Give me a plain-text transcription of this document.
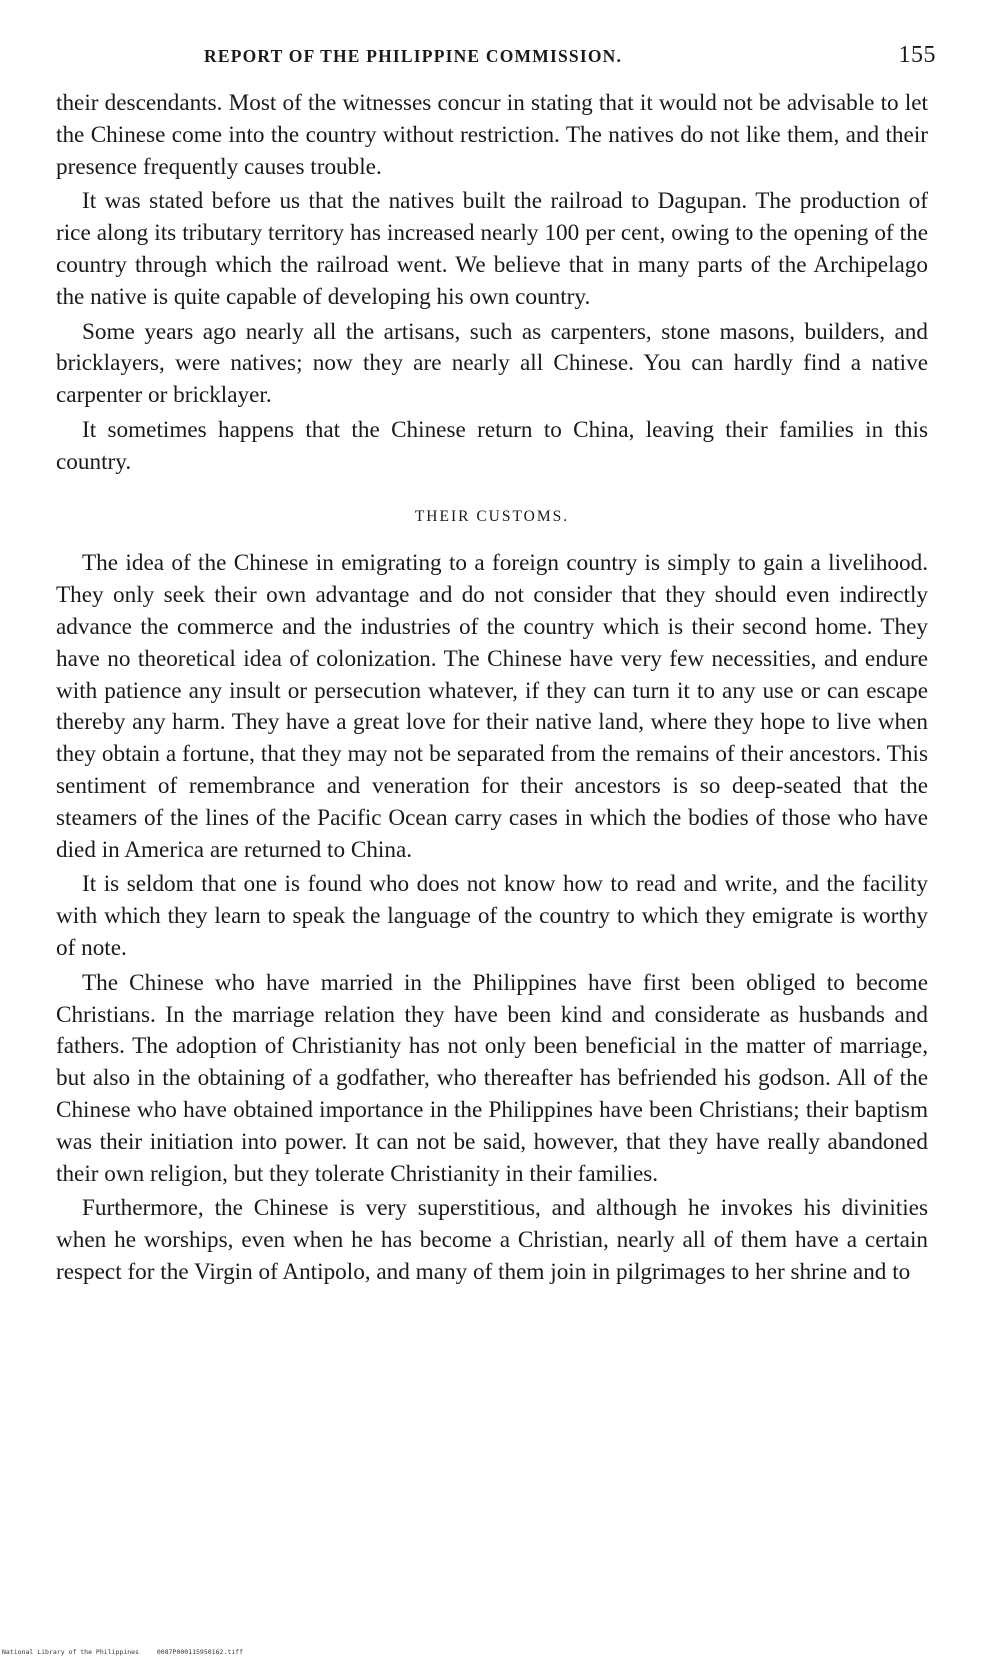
REPORT OF THE PHILIPPINE COMMISSION.	155

their descendants. Most of the witnesses concur in stating that it would not be advisable to let the Chinese come into the country without restriction. The natives do not like them, and their presence frequently causes trouble.

It was stated before us that the natives built the railroad to Dagupan. The production of rice along its tributary territory has increased nearly 100 per cent, owing to the opening of the country through which the railroad went. We believe that in many parts of the Archipelago the native is quite capable of developing his own country.

Some years ago nearly all the artisans, such as carpenters, stone masons, builders, and bricklayers, were natives; now they are nearly all Chinese. You can hardly find a native carpenter or bricklayer.

It sometimes happens that the Chinese return to China, leaving their families in this country.

THEIR CUSTOMS.

The idea of the Chinese in emigrating to a foreign country is simply to gain a livelihood. They only seek their own advantage and do not consider that they should even indirectly advance the commerce and the industries of the country which is their second home. They have no theoretical idea of colonization. The Chinese have very few necessities, and endure with patience any insult or persecution whatever, if they can turn it to any use or can escape thereby any harm. They have a great love for their native land, where they hope to live when they obtain a fortune, that they may not be separated from the remains of their ancestors. This sentiment of remembrance and veneration for their ancestors is so deep-seated that the steamers of the lines of the Pacific Ocean carry cases in which the bodies of those who have died in America are returned to China.

It is seldom that one is found who does not know how to read and write, and the facility with which they learn to speak the language of the country to which they emigrate is worthy of note.

The Chinese who have married in the Philippines have first been obliged to become Christians. In the marriage relation they have been kind and considerate as husbands and fathers. The adoption of Christianity has not only been beneficial in the matter of marriage, but also in the obtaining of a godfather, who thereafter has befriended his godson. All of the Chinese who have obtained importance in the Philippines have been Christians; their baptism was their initiation into power. It can not be said, however, that they have really abandoned their own religion, but they tolerate Christianity in their families.

Furthermore, the Chinese is very superstitious, and although he invokes his divinities when he worships, even when he has become a Christian, nearly all of them have a certain respect for the Virgin of Antipolo, and many of them join in pilgrimages to her shrine and to

National Library of the Philippines	0087P000115950162.tiff
